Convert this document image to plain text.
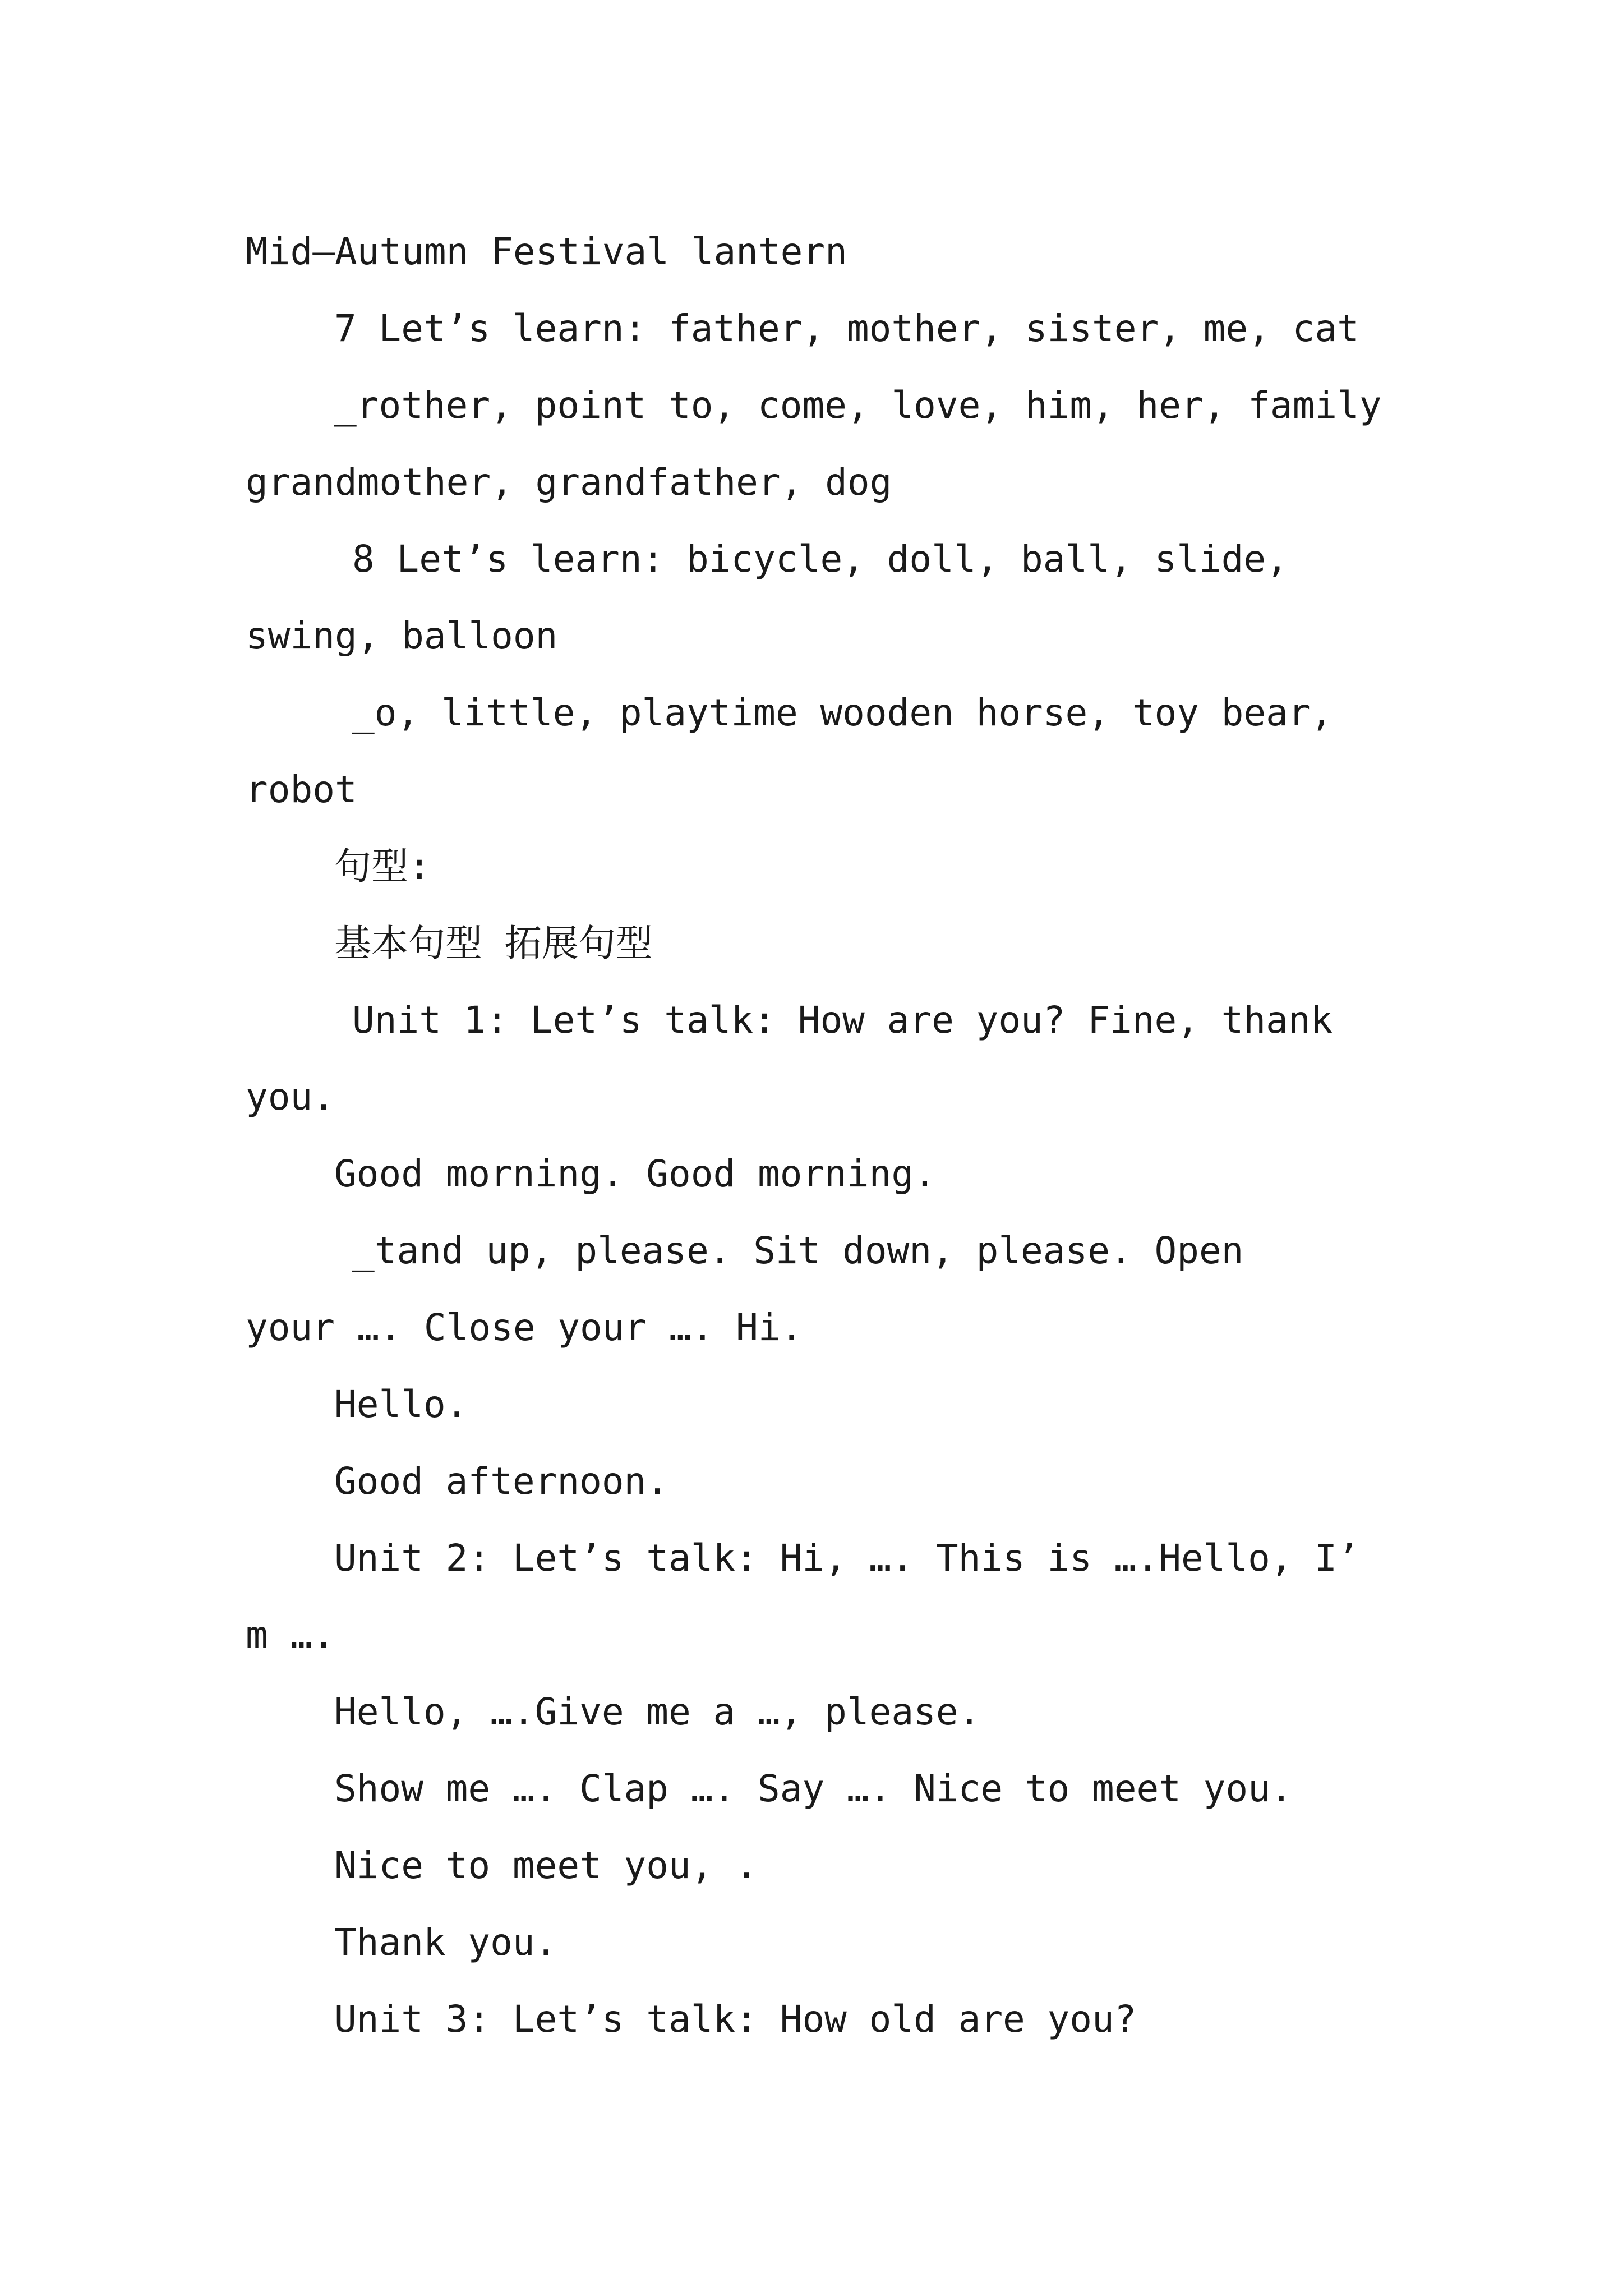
Mid—Autumn Festival lantern
7 Let’s learn: father, mother, sister, me, cat
_rother, point to, come, love, him, her, family
grandmother, grandfather, dog
8 Let’s learn: bicycle, doll, ball, slide,
swing, balloon
_o, little, playtime wooden horse, toy bear,
robot
句型:
基本句型 拓展句型
Unit 1: Let’s talk: How are you? Fine, thank
you.
Good morning. Good morning.
_tand up, please. Sit down, please. Open
your …. Close your …. Hi.
Hello.
Good afternoon.
Unit 2: Let’s talk: Hi, …. This is ….Hello, I’
m ….
Hello, ….Give me a …, please.
Show me …. Clap …. Say …. Nice to meet you.
Nice to meet you, .
Thank you.
Unit 3: Let’s talk: How old are you?
